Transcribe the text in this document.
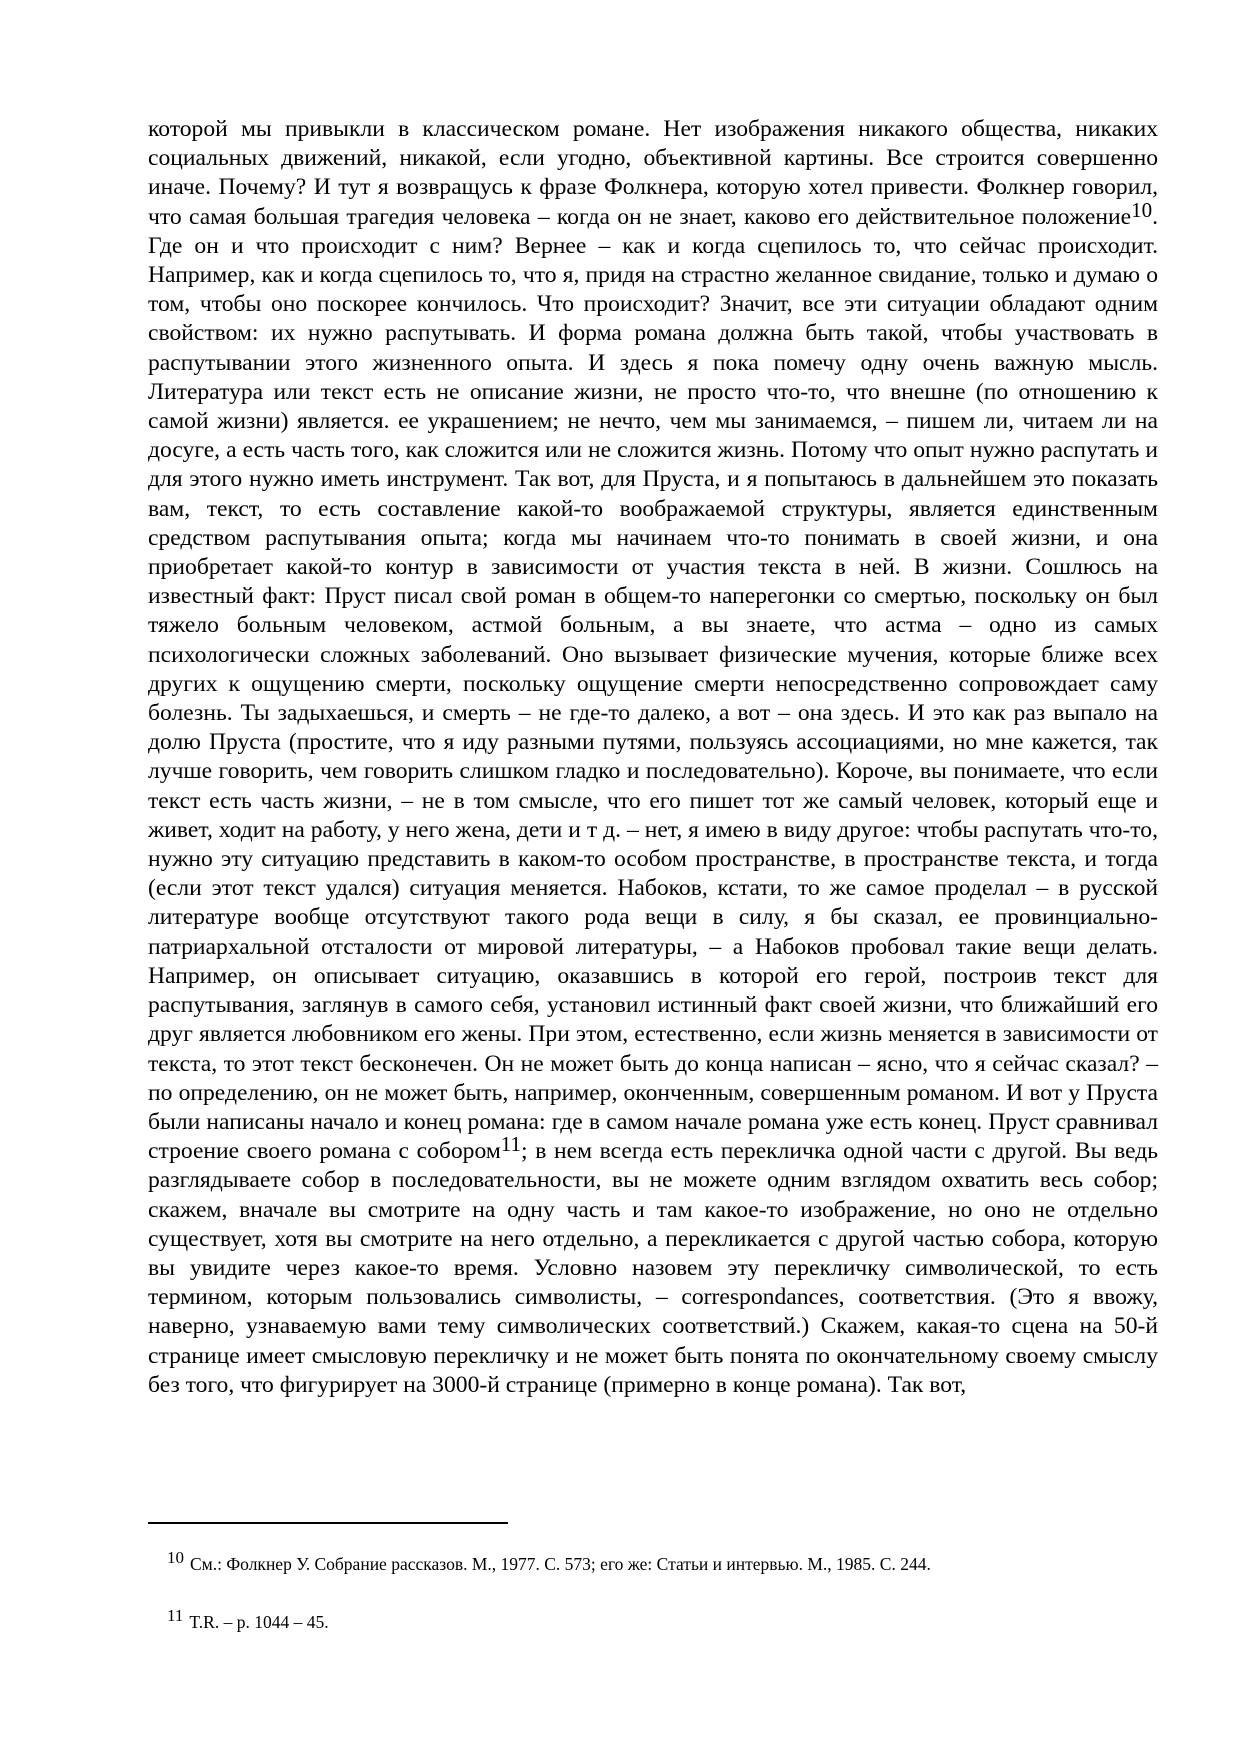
которой мы привыкли в классическом романе. Нет изображения никакого общества, никаких социальных движений, никакой, если угодно, объективной картины. Все строится совершенно иначе. Почему? И тут я возвращусь к фразе Фолкнера, которую хотел привести. Фолкнер говорил, что самая большая трагедия человека – когда он не знает, каково его действительное положение10. Где он и что происходит с ним? Вернее – как и когда сцепилось то, что сейчас происходит. Например, как и когда сцепилось то, что я, придя на страстно желанное свидание, только и думаю о том, чтобы оно поскорее кончилось. Что происходит? Значит, все эти ситуации обладают одним свойством: их нужно распутывать. И форма романа должна быть такой, чтобы участвовать в распутывании этого жизненного опыта. И здесь я пока помечу одну очень важную мысль. Литература или текст есть не описание жизни, не просто что-то, что внешне (по отношению к самой жизни) является. ее украшением; не нечто, чем мы занимаемся, – пишем ли, читаем ли на досуге, а есть часть того, как сложится или не сложится жизнь. Потому что опыт нужно распутать и для этого нужно иметь инструмент. Так вот, для Пруста, и я попытаюсь в дальнейшем это показать вам, текст, то есть составление какой-то воображаемой структуры, является единственным средством распутывания опыта; когда мы начинаем что-то понимать в своей жизни, и она приобретает какой-то контур в зависимости от участия текста в ней. В жизни. Сошлюсь на известный факт: Пруст писал свой роман в общем-то наперегонки со смертью, поскольку он был тяжело больным человеком, астмой больным, а вы знаете, что астма – одно из самых психологически сложных заболеваний. Оно вызывает физические мучения, которые ближе всех других к ощущению смерти, поскольку ощущение смерти непосредственно сопровождает саму болезнь. Ты задыхаешься, и смерть – не где-то далеко, а вот – она здесь. И это как раз выпало на долю Пруста (простите, что я иду разными путями, пользуясь ассоциациями, но мне кажется, так лучше говорить, чем говорить слишком гладко и последовательно). Короче, вы понимаете, что если текст есть часть жизни, – не в том смысле, что его пишет тот же самый человек, который еще и живет, ходит на работу, у него жена, дети и т д. – нет, я имею в виду другое: чтобы распутать что-то, нужно эту ситуацию представить в каком-то особом пространстве, в пространстве текста, и тогда (если этот текст удался) ситуация меняется. Набоков, кстати, то же самое проделал – в русской литературе вообще отсутствуют такого рода вещи в силу, я бы сказал, ее провинциально-патриархальной отсталости от мировой литературы, – а Набоков пробовал такие вещи делать. Например, он описывает ситуацию, оказавшись в которой его герой, построив текст для распутывания, заглянув в самого себя, установил истинный факт своей жизни, что ближайший его друг является любовником его жены. При этом, естественно, если жизнь меняется в зависимости от текста, то этот текст бесконечен. Он не может быть до конца написан – ясно, что я сейчас сказал? – по определению, он не может быть, например, оконченным, совершенным романом. И вот у Пруста были написаны начало и конец романа: где в самом начале романа уже есть конец. Пруст сравнивал строение своего романа с собором11; в нем всегда есть перекличка одной части с другой. Вы ведь разглядываете собор в последовательности, вы не можете одним взглядом охватить весь собор; скажем, вначале вы смотрите на одну часть и там какое-то изображение, но оно не отдельно существует, хотя вы смотрите на него отдельно, а перекликается с другой частью собора, которую вы увидите через какое-то время. Условно назовем эту перекличку символической, то есть термином, которым пользовались символисты, – correspondances, соответствия. (Это я ввожу, наверно, узнаваемую вами тему символических соответствий.) Скажем, какая-то сцена на 50-й странице имеет смысловую перекличку и не может быть понята по окончательному своему смыслу без того, что фигурирует на 3000-й странице (примерно в конце романа). Так вот,

10 См.: Фолкнер У. Собрание рассказов. М., 1977. С. 573; его же: Статьи и интервью. М., 1985. С. 244.
11 T.R. – p. 1044 – 45.
